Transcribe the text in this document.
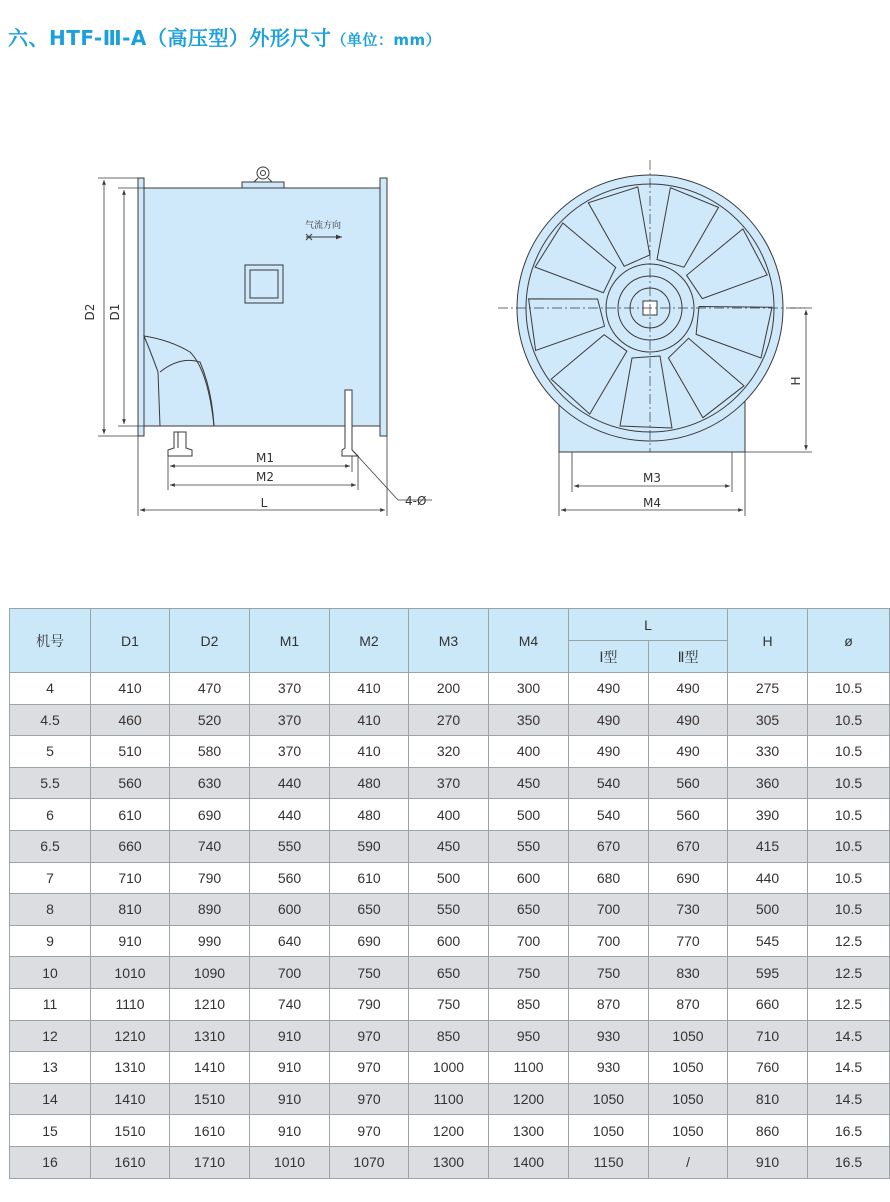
六、HTF-Ⅲ-A（高压型）外形尺寸（单位：mm）
D2 D1
M1
M2
L	4-Ø
气流方向
H
M3
M4
机号	D1	D2	M1	M2	M3	M4	L		H	ø
							Ⅰ型	Ⅱ型		
4	410	470	370	410	200	300	490	490	275	10.5
4.5	460	520	370	410	270	350	490	490	305	10.5
5	510	580	370	410	320	400	490	490	330	10.5
5.5	560	630	440	480	370	450	540	560	360	10.5
6	610	690	440	480	400	500	540	560	390	10.5
6.5	660	740	550	590	450	550	670	670	415	10.5
7	710	790	560	610	500	600	680	690	440	10.5
8	810	890	600	650	550	650	700	730	500	10.5
9	910	990	640	690	600	700	700	770	545	12.5
10	1010	1090	700	750	650	750	750	830	595	12.5
11	1110	1210	740	790	750	850	870	870	660	12.5
12	1210	1310	910	970	850	950	930	1050	710	14.5
13	1310	1410	910	970	1000	1100	930	1050	760	14.5
14	1410	1510	910	970	1100	1200	1050	1050	810	14.5
15	1510	1610	910	970	1200	1300	1050	1050	860	16.5
16	1610	1710	1010	1070	1300	1400	1150	/	910	16.5
